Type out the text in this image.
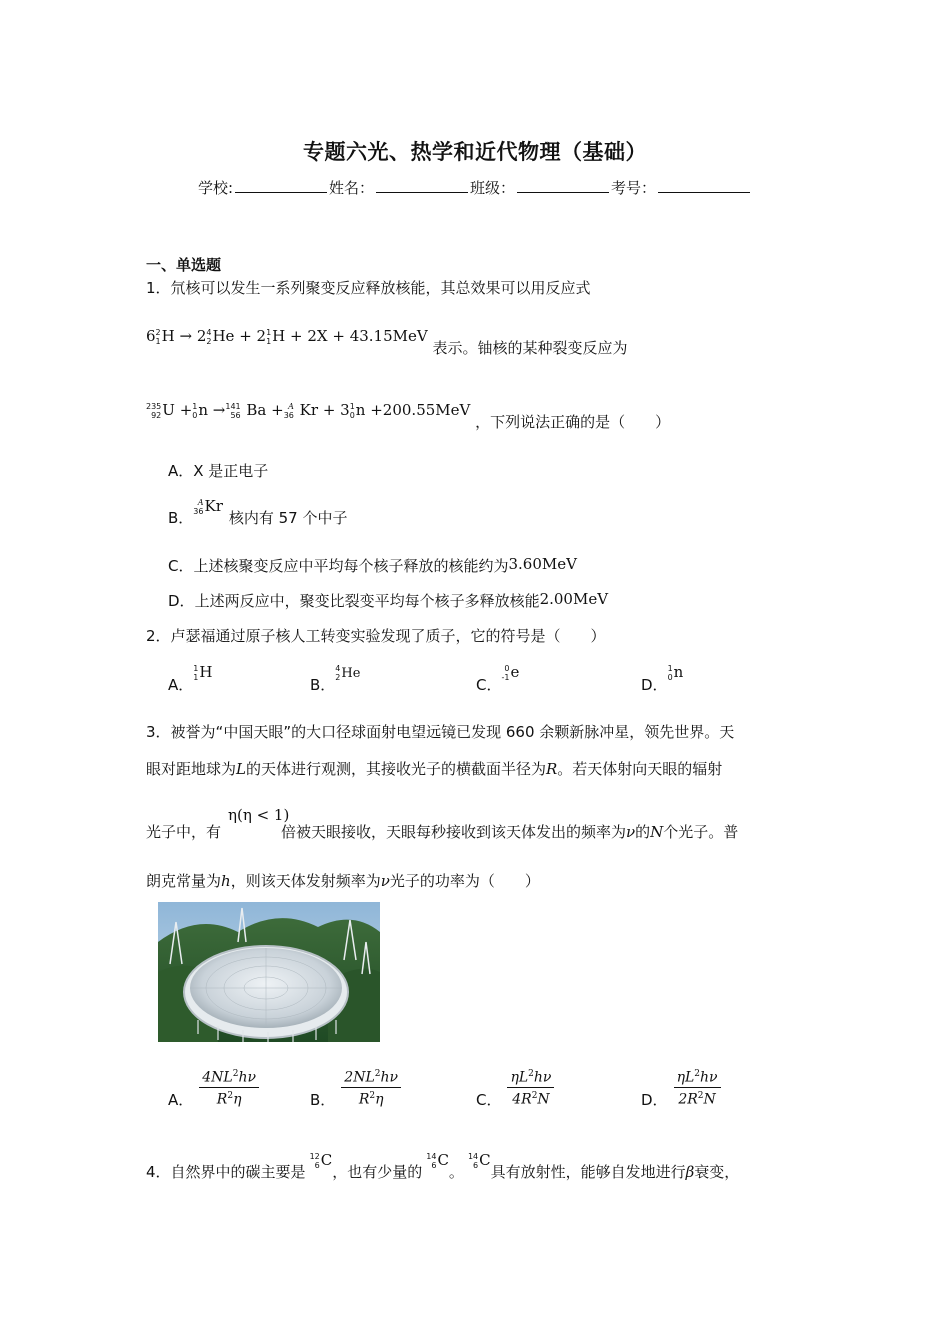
专题六光、热学和近代物理（基础）
学校:	姓名：	班级：	考号：
一、单选题
1．氘核可以发生一系列聚变反应释放核能，其总效果可以用反应式
6 2
1 H → 2 4
2 He + 2 1
1 H + 2X + 43.15MeV 表示。铀核的某种裂变反应为
235
92 U + 1
0 n → 141
56 Ba + A
36 Kr + 3 1
0 n +200.55MeV ，下列说法正确的是（　　）
A．X 是正电子
B．
A
36 Kr核内有 57 个中子
C．上述核聚变反应中平均每个核子释放的核能约为3.60MeV
D．上述两反应中，聚变比裂变平均每个核子多释放核能2.00MeV
2．卢瑟福通过原子核人工转变实验发现了质子，它的符号是（　　）
A．
1
1 H
B．
4
2 He
C．
0
-1 e
D．
1
0 n
3．被誉为“中国天眼”的大口径球面射电望远镜已发现 660 余颗新脉冲星，领先世界。天
眼对距地球为L的天体进行观测，其接收光子的横截面半径为R。若天体射向天眼的辐射
η(η < 1)
光子中，有	倍被天眼接收，天眼每秒接收到该天体发出的频率为ν的N个光子。普
朗克常量为h，则该天体发射频率为ν光子的功率为（　　）
A． $\frac{4NL^2h\nu}{R^2\eta}$	B． $\frac{2NL^2h\nu}{R^2\eta}$	C． $\frac{\eta L^2h\nu}{4R^2N}$	D． $\frac{\eta L^2h\nu}{2R^2N}$
4．自然界中的碳主要是
12
6 C，也有少量的
14
6 C。
14
6 C具有放射性，能够自发地进行β衰变，
